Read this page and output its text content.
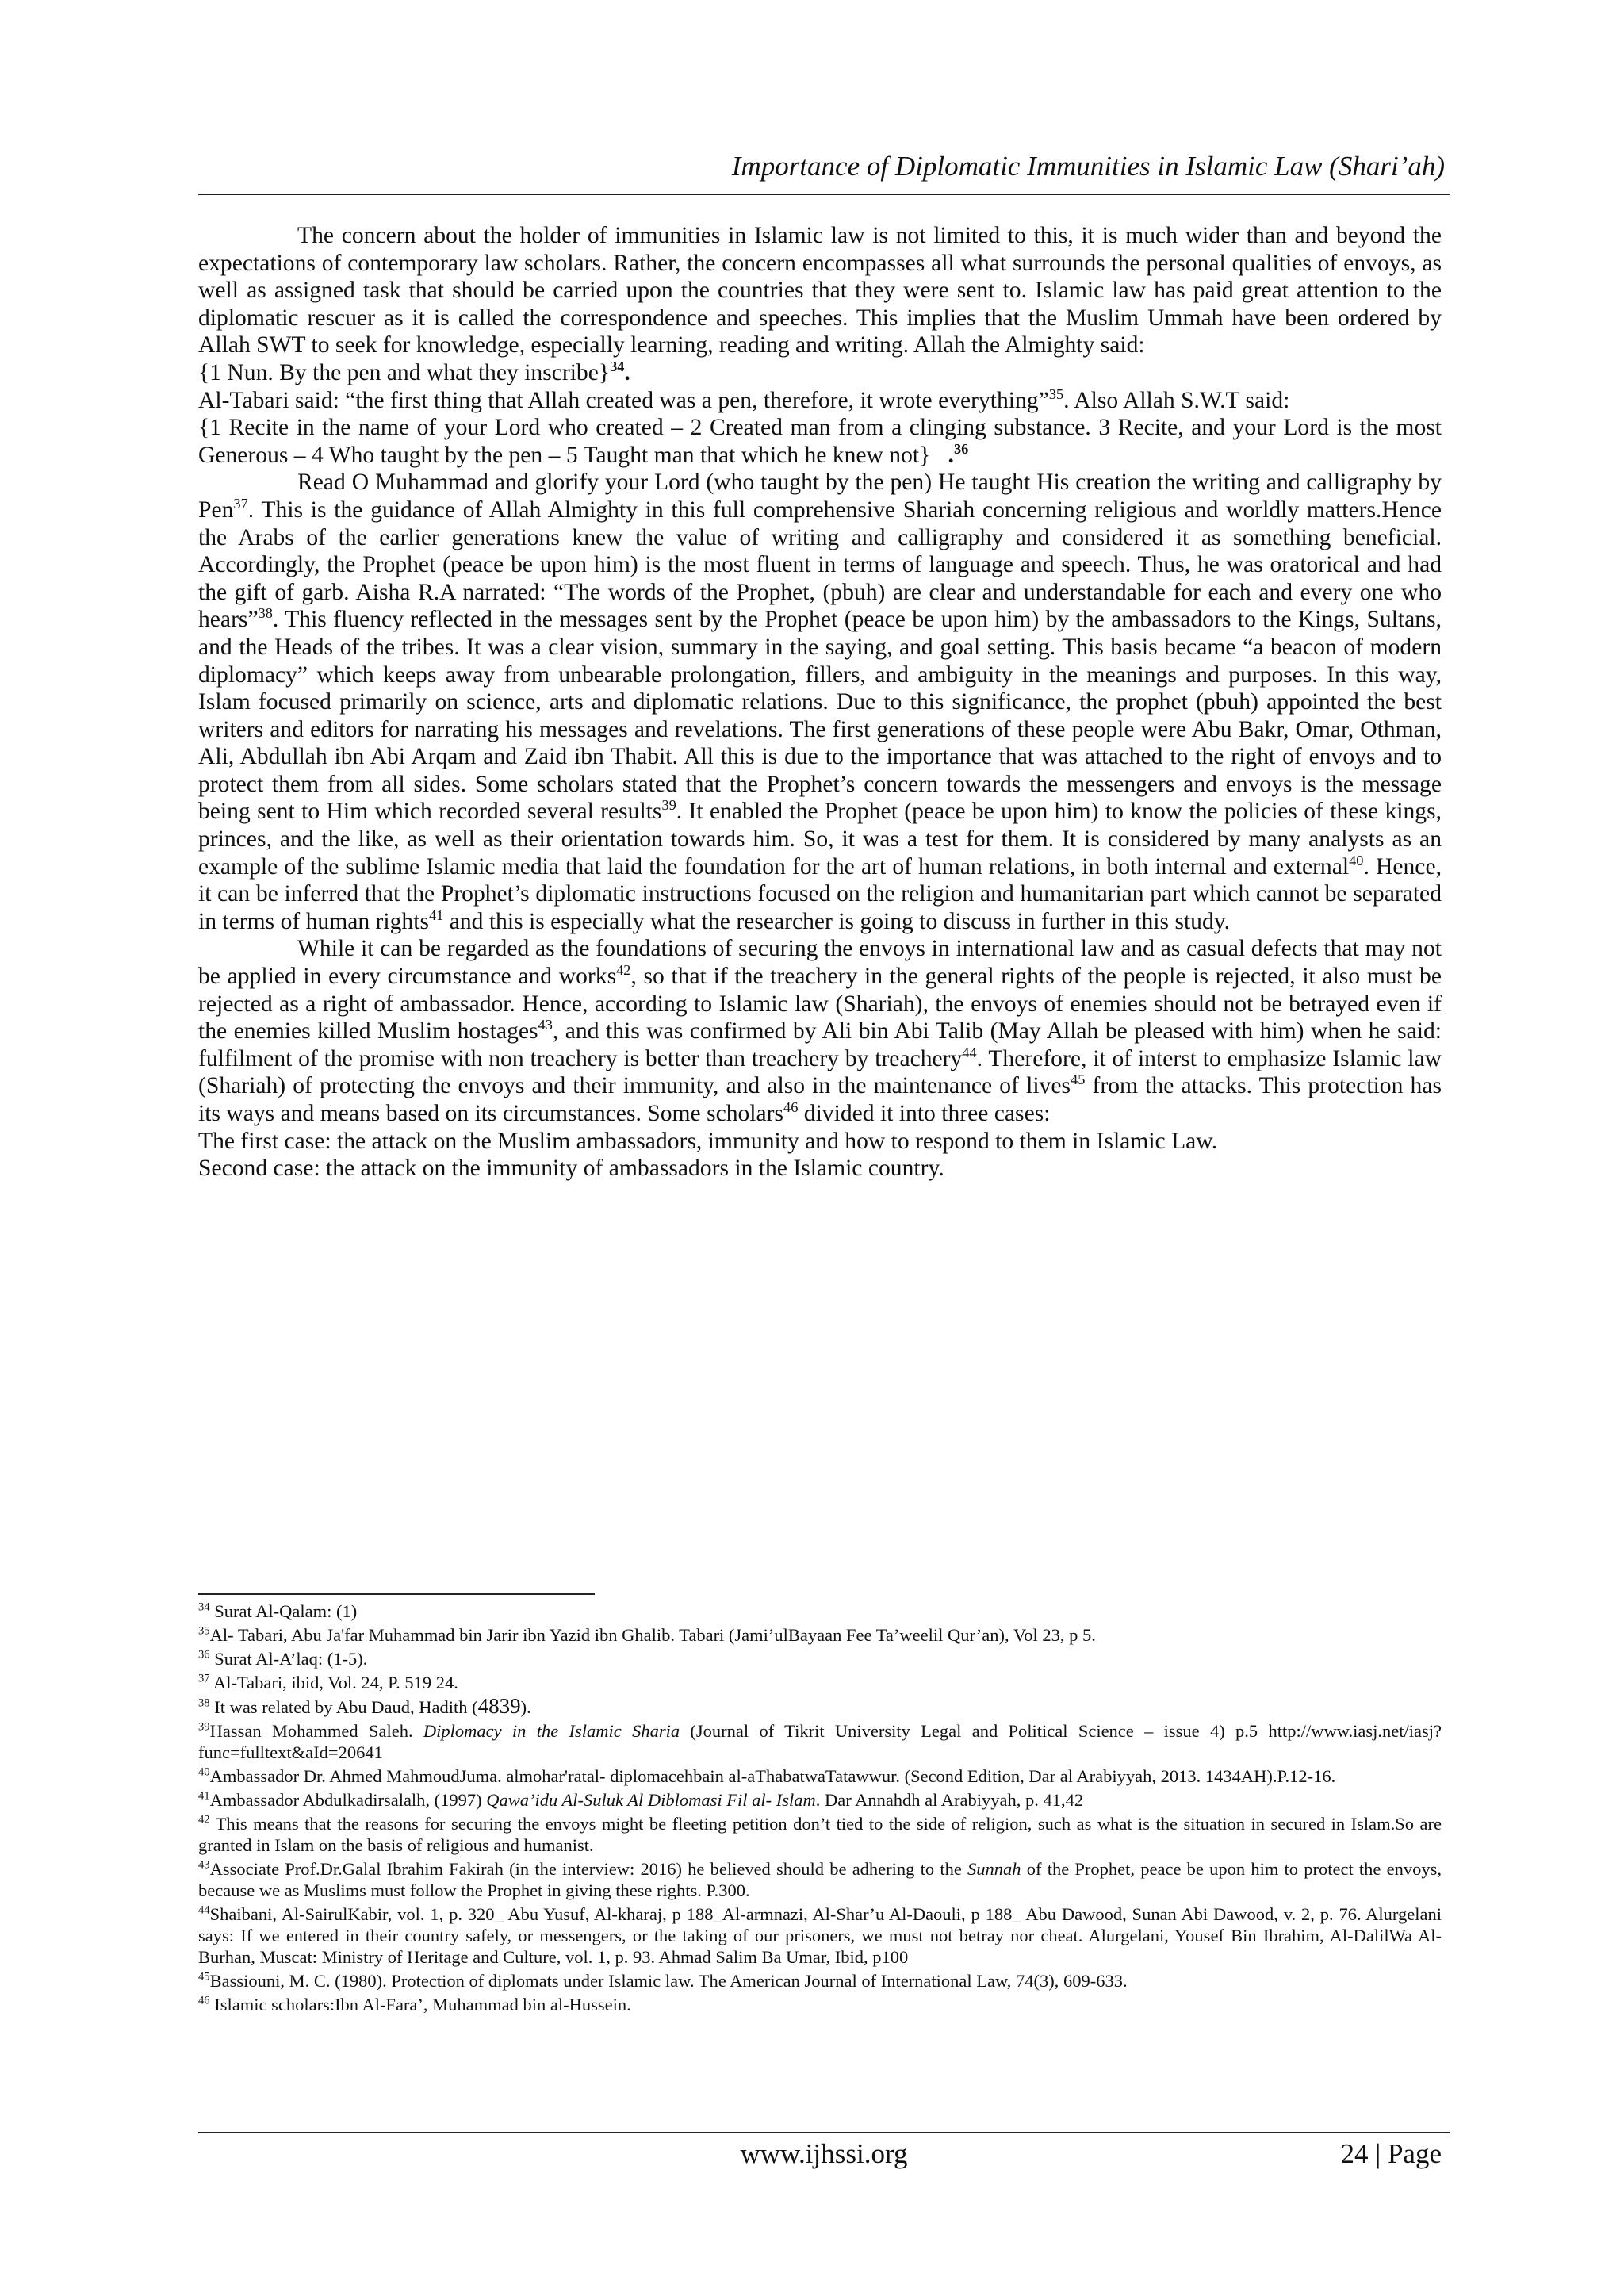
Importance of Diplomatic Immunities in Islamic Law (Shari’ah)

The concern about the holder of immunities in Islamic law is not limited to this, it is much wider than and beyond the expectations of contemporary law scholars. Rather, the concern encompasses all what surrounds the personal qualities of envoys, as well as assigned task that should be carried upon the countries that they were sent to. Islamic law has paid great attention to the diplomatic rescuer as it is called the correspondence and speeches. This implies that the Muslim Ummah have been ordered by Allah SWT to seek for knowledge, especially learning, reading and writing. Allah the Almighty said:

{1 Nun. By the pen and what they inscribe}$^{34}$.

Al-Tabari said: “the first thing that Allah created was a pen, therefore, it wrote everything”$^{35}$. Also Allah S.W.T said:

{1 Recite in the name of your Lord who created – 2 Created man from a clinging substance. 3 Recite, and your Lord is the most Generous – 4 Who taught by the pen – 5 Taught man that which he knew not} .$^{36}$

Read O Muhammad and glorify your Lord (who taught by the pen) He taught His creation the writing and calligraphy by Pen$^{37}$. This is the guidance of Allah Almighty in this full comprehensive Shariah concerning religious and worldly matters.Hence the Arabs of the earlier generations knew the value of writing and calligraphy and considered it as something beneficial. Accordingly, the Prophet (peace be upon him) is the most fluent in terms of language and speech. Thus, he was oratorical and had the gift of garb. Aisha R.A narrated: “The words of the Prophet, (pbuh) are clear and understandable for each and every one who hears”$^{38}$. This fluency reflected in the messages sent by the Prophet (peace be upon him) by the ambassadors to the Kings, Sultans, and the Heads of the tribes. It was a clear vision, summary in the saying, and goal setting. This basis became “a beacon of modern diplomacy” which keeps away from unbearable prolongation, fillers, and ambiguity in the meanings and purposes. In this way, Islam focused primarily on science, arts and diplomatic relations. Due to this significance, the prophet (pbuh) appointed the best writers and editors for narrating his messages and revelations. The first generations of these people were Abu Bakr, Omar, Othman, Ali, Abdullah ibn Abi Arqam and Zaid ibn Thabit. All this is due to the importance that was attached to the right of envoys and to protect them from all sides. Some scholars stated that the Prophet’s concern towards the messengers and envoys is the message being sent to Him which recorded several results$^{39}$. It enabled the Prophet (peace be upon him) to know the policies of these kings, princes, and the like, as well as their orientation towards him. So, it was a test for them. It is considered by many analysts as an example of the sublime Islamic media that laid the foundation for the art of human relations, in both internal and external$^{40}$. Hence, it can be inferred that the Prophet’s diplomatic instructions focused on the religion and humanitarian part which cannot be separated in terms of human rights$^{41}$ and this is especially what the researcher is going to discuss in further in this study.

While it can be regarded as the foundations of securing the envoys in international law and as casual defects that may not be applied in every circumstance and works$^{42}$, so that if the treachery in the general rights of the people is rejected, it also must be rejected as a right of ambassador. Hence, according to Islamic law (Shariah), the envoys of enemies should not be betrayed even if the enemies killed Muslim hostages$^{43}$, and this was confirmed by Ali bin Abi Talib (May Allah be pleased with him) when he said: fulfilment of the promise with non treachery is better than treachery by treachery$^{44}$. Therefore, it of interst to emphasize Islamic law (Shariah) of protecting the envoys and their immunity, and also in the maintenance of lives$^{45}$ from the attacks. This protection has its ways and means based on its circumstances. Some scholars$^{46}$ divided it into three cases:

The first case: the attack on the Muslim ambassadors, immunity and how to respond to them in Islamic Law.

Second case: the attack on the immunity of ambassadors in the Islamic country.

$^{34}$ Surat Al-Qalam: (1)

$^{35}$Al- Tabari, Abu Ja'far Muhammad bin Jarir ibn Yazid ibn Ghalib. Tabari (Jami’ulBayaan Fee Ta’weelil Qur’an), Vol 23, p 5.

$^{36}$ Surat Al-A’laq: (1-5).

$^{37}$ Al-Tabari, ibid, Vol. 24, P. 519 24.

$^{38}$ It was related by Abu Daud, Hadith (4839).

$^{39}$Hassan Mohammed Saleh. Diplomacy in the Islamic Sharia (Journal of Tikrit University Legal and Political Science – issue 4) p.5 http://www.iasj.net/iasj?func=fulltext&aId=20641

$^{40}$Ambassador Dr. Ahmed MahmoudJuma. almohar'ratal- diplomacehbain al-aThabatwaTatawwur. (Second Edition, Dar al Arabiyyah, 2013. 1434AH).P.12-16.

$^{41}$Ambassador Abdulkadirsalalh, (1997) Qawa’idu Al-Suluk Al Diblomasi Fil al- Islam. Dar Annahdh al Arabiyyah, p. 41,42

$^{42}$ This means that the reasons for securing the envoys might be fleeting petition don’t tied to the side of religion, such as what is the situation in secured in Islam.So are granted in Islam on the basis of religious and humanist.

$^{43}$Associate Prof.Dr.Galal Ibrahim Fakirah (in the interview: 2016) he believed should be adhering to the Sunnah of the Prophet, peace be upon him to protect the envoys, because we as Muslims must follow the Prophet in giving these rights. P.300.

$^{44}$Shaibani, Al-SairulKabir, vol. 1, p. 320_ Abu Yusuf, Al-kharaj, p 188_Al-armnazi, Al-Shar’u Al-Daouli, p 188_ Abu Dawood, Sunan Abi Dawood, v. 2, p. 76. Alurgelani says: If we entered in their country safely, or messengers, or the taking of our prisoners, we must not betray nor cheat. Alurgelani, Yousef Bin Ibrahim, Al-DalilWa Al-Burhan, Muscat: Ministry of Heritage and Culture, vol. 1, p. 93. Ahmad Salim Ba Umar, Ibid, p100

$^{45}$Bassiouni, M. C. (1980). Protection of diplomats under Islamic law. The American Journal of International Law, 74(3), 609-633.

$^{46}$ Islamic scholars:Ibn Al-Fara’, Muhammad bin al-Hussein.

www.ijhssi.org	24 | Page
